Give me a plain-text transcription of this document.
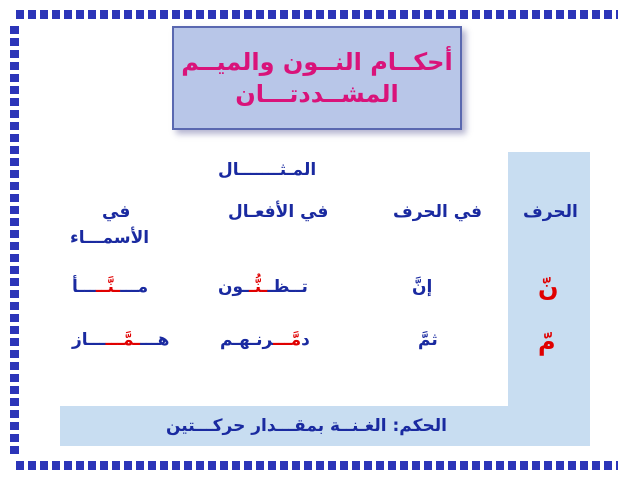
أحكــام النــون والميــم
المشــددتـــان
المـثـــــــال
الحرف
في الحرف
في الأفعـال
في
الأسمـــاء
نّ
إنَّ
تــظــنُّــون
مــــنَّـــــأ
مّ
ثمَّ
دمَّـــرنـهـم
هــــمَّــــــاز
الحكم: الغـنــة بمقـــدار حركـــتين
